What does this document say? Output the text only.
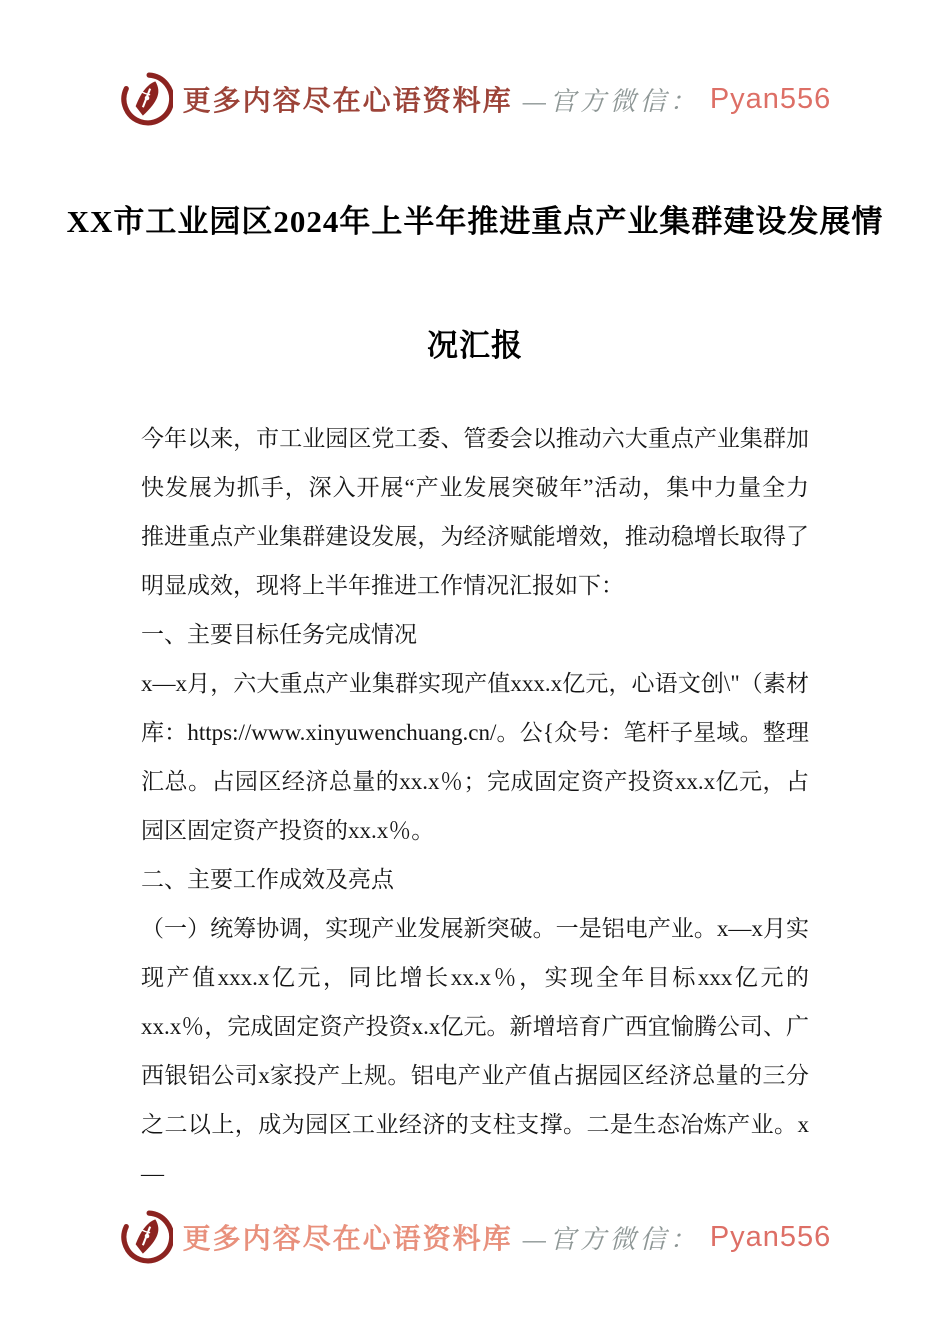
更多内容尽在心语资料库 —官方微信： Pyan556
XX市工业园区2024年上半年推进重点产业集群建设发展情
况汇报
今年以来，市工业园区党工委、管委会以推动六大重点产业集群加
快发展为抓手，深入开展“产业发展突破年”活动，集中力量全力
推进重点产业集群建设发展，为经济赋能增效，推动稳增长取得了
明显成效，现将上半年推进工作情况汇报如下：
一、主要目标任务完成情况
x—x月，六大重点产业集群实现产值xxx.x亿元，心语文创\"（素材
库：https://www.xinyuwenchuang.cn/。公{众号：笔杆子星域。整理
汇总。占园区经济总量的xx.x％；完成固定资产投资xx.x亿元，占
园区固定资产投资的xx.x％。
二、主要工作成效及亮点
（一）统筹协调，实现产业发展新突破。一是铝电产业。x—x月实
现产值xxx.x亿元，同比增长xx.x％，实现全年目标xxx亿元的
xx.x％，完成固定资产投资x.x亿元。新增培育广西宜愉腾公司、广
西银铝公司x家投产上规。铝电产业产值占据园区经济总量的三分
之二以上，成为园区工业经济的支柱支撑。二是生态冶炼产业。x—
更多内容尽在心语资料库 —官方微信： Pyan556
